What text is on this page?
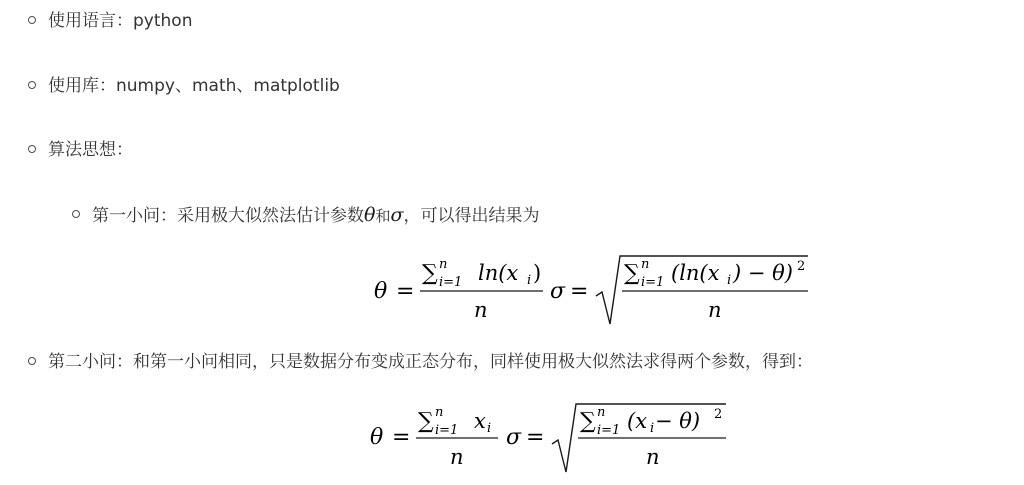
使用语言：python
使用库：numpy、math、matplotlib
算法思想：
第一小问：采用极大似然法估计参数θ和σ，可以得出结果为
θ =
∑ n
i=1 ln(x i )
n
σ =
∑ n
i=1 (ln(x i ) − θ) 2
n
第二小问：和第一小问相同，只是数据分布变成正态分布，同样使用极大似然法求得两个参数，得到：
θ =
∑ n
i=1 x i
n
σ =
∑ n
i=1 (x i − θ) 2
n
